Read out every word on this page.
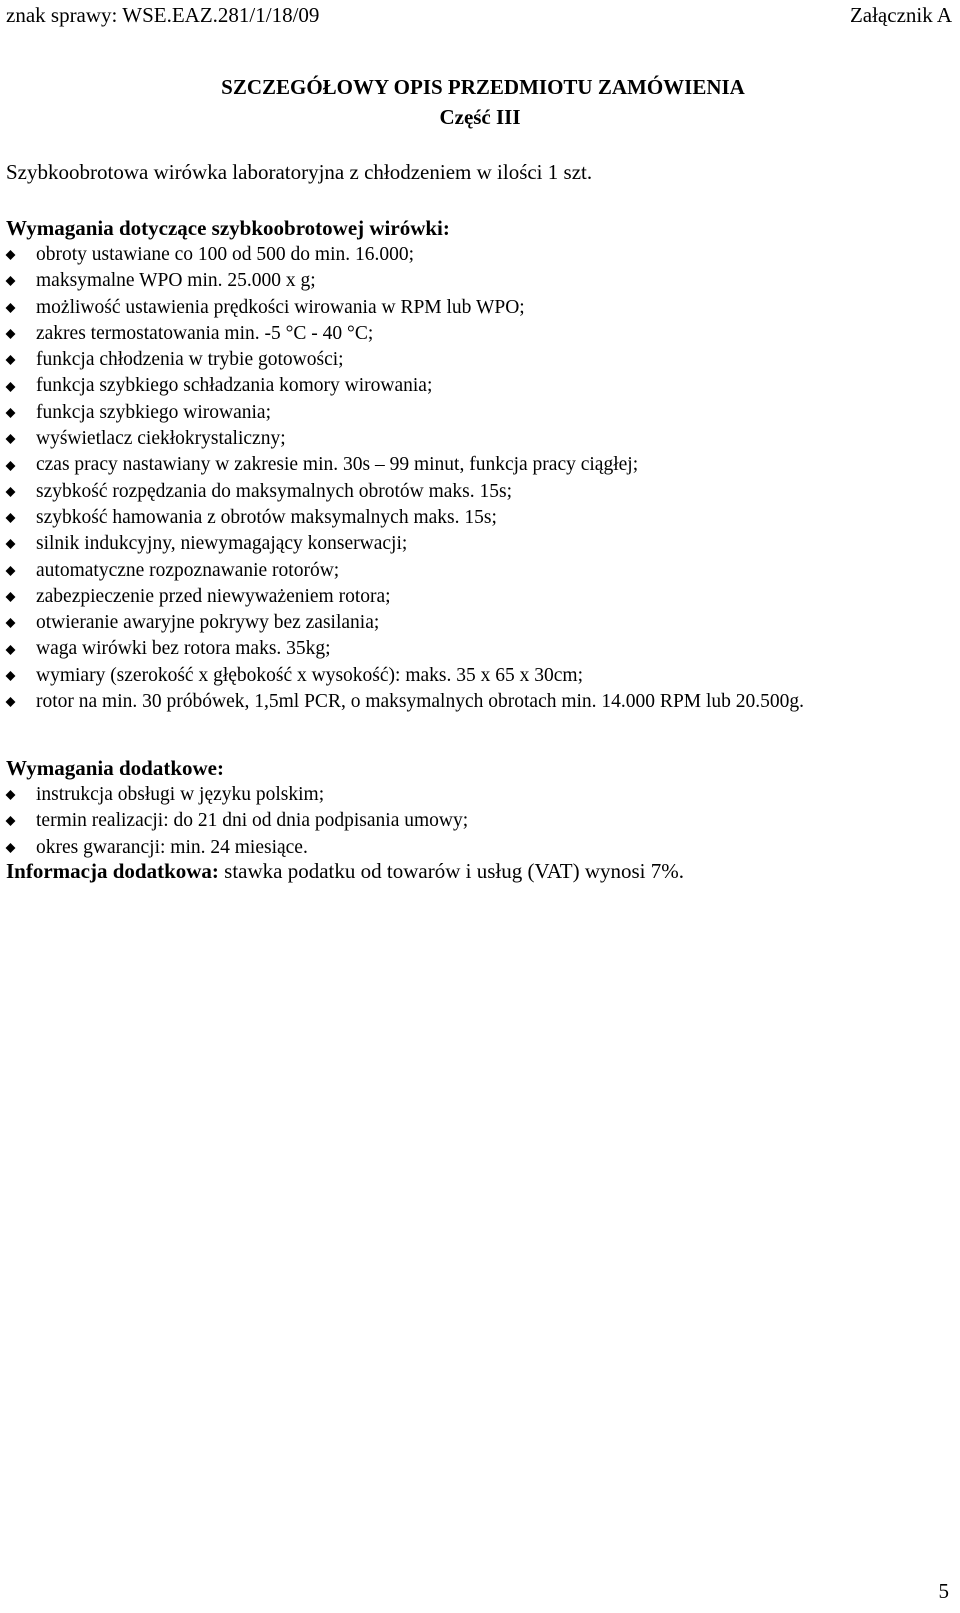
znak sprawy: WSE.EAZ.281/1/18/09	Załącznik A
SZCZEGÓŁOWY OPIS PRZEDMIOTU ZAMÓWIENIA
Część III
Szybkoobrotowa wirówka laboratoryjna z chłodzeniem w ilości 1 szt.
Wymagania dotyczące szybkoobrotowej wirówki:
obroty ustawiane co 100 od 500 do min. 16.000;
maksymalne WPO min. 25.000 x g;
możliwość ustawienia prędkości wirowania w RPM lub WPO;
zakres termostatowania min. -5 °C - 40 °C;
funkcja chłodzenia w trybie gotowości;
funkcja szybkiego schładzania komory wirowania;
funkcja szybkiego wirowania;
wyświetlacz ciekłokrystaliczny;
czas pracy nastawiany w zakresie min. 30s – 99 minut, funkcja pracy ciągłej;
szybkość rozpędzania do maksymalnych obrotów maks. 15s;
szybkość hamowania z obrotów maksymalnych maks. 15s;
silnik indukcyjny, niewymagający konserwacji;
automatyczne rozpoznawanie rotorów;
zabezpieczenie przed niewyważeniem rotora;
otwieranie awaryjne pokrywy bez zasilania;
waga wirówki bez rotora maks. 35kg;
wymiary (szerokość x głębokość x wysokość): maks. 35 x 65 x 30cm;
rotor na min. 30 próbówek, 1,5ml PCR, o maksymalnych obrotach min. 14.000 RPM lub 20.500g.
Wymagania dodatkowe:
instrukcja obsługi w języku polskim;
termin realizacji: do 21 dni od dnia podpisania umowy;
okres gwarancji: min. 24 miesiące.
Informacja dodatkowa: stawka podatku od towarów i usług (VAT) wynosi 7%.
5
